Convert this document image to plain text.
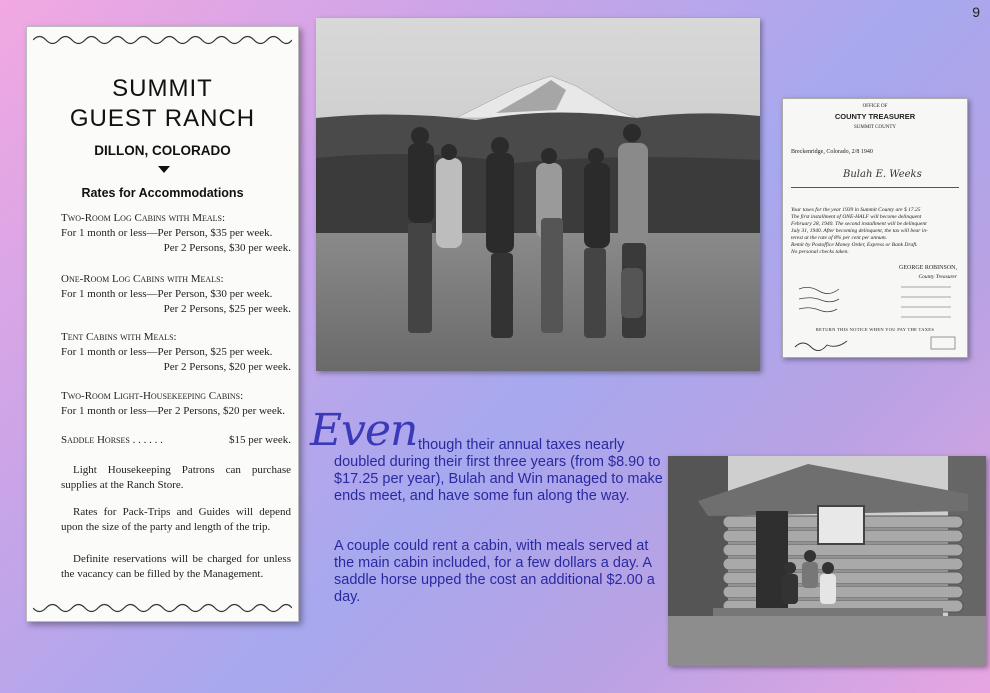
9
SUMMIT
GUEST RANCH
DILLON, COLORADO
Rates for Accommodations
Two-Room Log Cabins with Meals:
For 1 month or less—Per Person, $35 per week.
Per 2 Persons, $30 per week.
One-Room Log Cabins with Meals:
For 1 month or less—Per Person, $30 per week.
Per 2 Persons, $25 per week.
Tent Cabins with Meals:
For 1 month or less—Per Person, $25 per week.
Per 2 Persons, $20 per week.
Two-Room Light-Housekeeping Cabins:
For 1 month or less—Per 2 Persons, $20 per week.
Saddle Horses . . . . . .	$15 per week.
Light Housekeeping Patrons can purchase supplies at the Ranch Store.
Rates for Pack-Trips and Guides will depend upon the size of the party and length of the trip.
Definite reservations will be charged for unless the vacancy can be filled by the Management.
OFFICE OF
COUNTY TREASURER
SUMMIT COUNTY
Breckenridge, Colorado, 2/8 1940
Bulah E. Weeks
Your taxes for the year 1939 in Summit County are $ 17.25
The first installment of ONE-HALF will become delinquent
February 28, 1940. The second installment will be delinquent
July 31, 1940. After becoming delinquent, the tax will bear in-
terest at the rate of 8% per cent per annum.
Remit by Postoffice Money Order, Express or Bank Draft.
No personal checks taken.
GEORGE ROBINSON,
County Treasurer
RETURN THIS NOTICE WHEN YOU PAY THE TAXES
Even though their annual taxes nearly
doubled during their first three years (from $8.90 to $17.25 per year), Bulah and Win managed to make ends meet, and have some fun along the way.
A couple could rent a cabin, with meals served at the main cabin included, for a few dollars a day. A saddle horse upped the cost an additional $2.00 a day.
